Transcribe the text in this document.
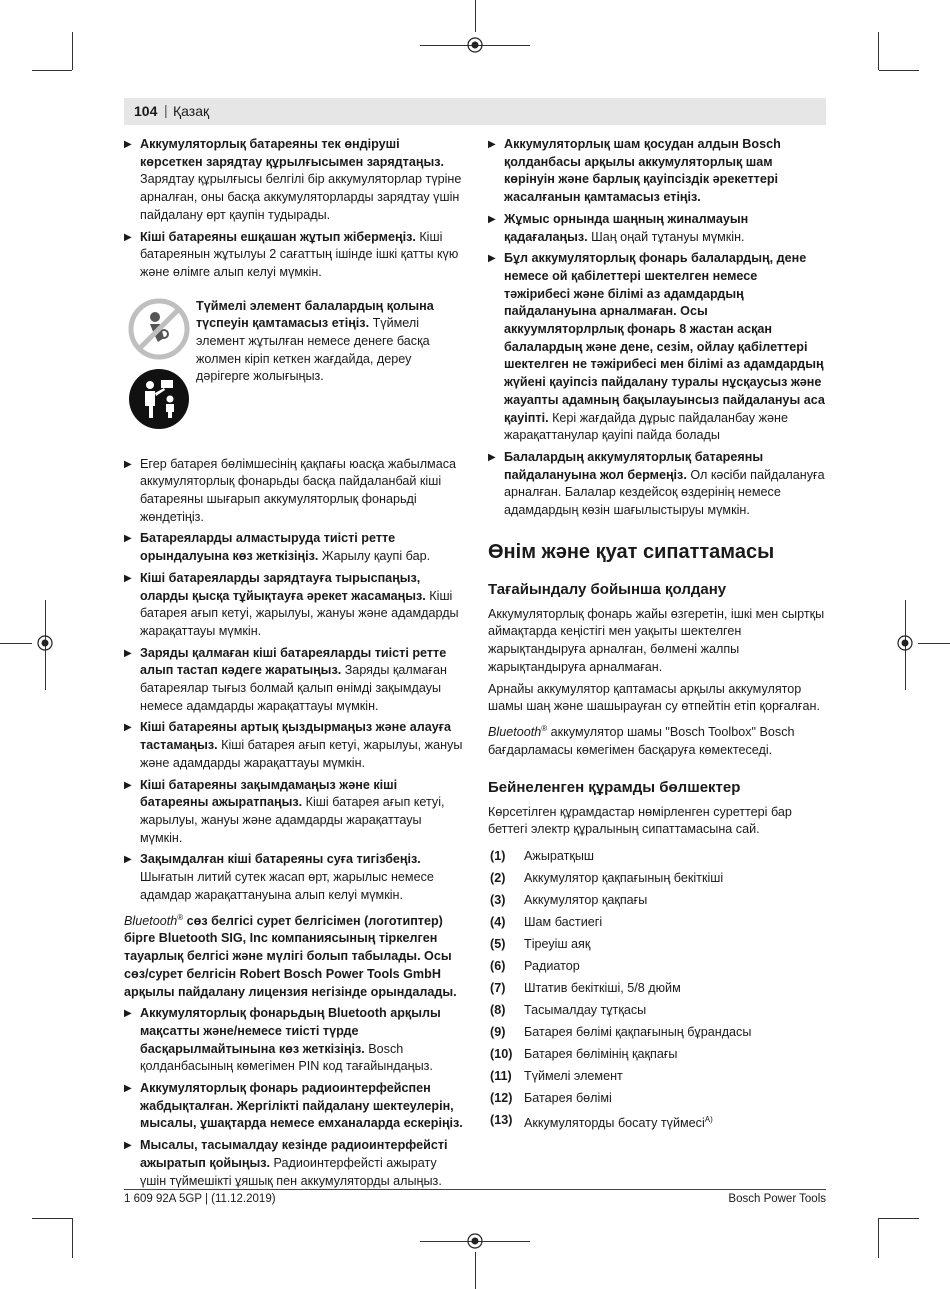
104 | Қазақ
▶ Аккумуляторлық батареяны тек өндіруші көрсеткен зарядтау құрылғысымен зарядтаңыз. Зарядтау құрылғысы белгілі бір аккумуляторлар түріне арналған, оны басқа аккумуляторларды зарядтау үшін пайдалану өрт қаупін тудырады.
▶ Кіші батареяны ешқашан жұтып жібермеңіз. Кіші батареянын жұтылуы 2 сағаттың ішінде ішкі қатты күю және өлімге алып келуі мүмкін.
Түймелі элемент балалардың қолына түспеуін қамтамасыз етіңіз. Түймелі элемент жұтылған немесе денеге басқа жолмен кіріп кеткен жағдайда, дереу дәрігерге жолығыңыз.
▶ Егер батарея бөлімшесінің қақпағы юасқа жабылмаса аккумуляторлық фонарьды басқа пайдаланбай кіші батареяны шығарып аккумуляторлық фонарьді жөндетіңіз.
▶ Батареяларды алмастыруда тиісті ретте орындалуына көз жеткізіңіз. Жарылу қаупі бар.
▶ Кіші батареяларды зарядтауға тырыспаңыз, оларды қысқа тұйықтауға әрекет жасамаңыз. Кіші батарея ағып кетуі, жарылуы, жануы және адамдарды жарақаттауы мүмкін.
▶ Заряды қалмаған кіші батареяларды тиісті ретте алып тастап кәдеге жаратыңыз. Заряды қалмаған батареялар тығыз болмай қалып өнімді зақымдауы немесе адамдарды жарақаттауы мүмкін.
▶ Кіші батареяны артық қыздырмаңыз және алауға тастамаңыз. Кіші батарея ағып кетуі, жарылуы, жануы және адамдарды жарақаттауы мүмкін.
▶ Кіші батареяны зақымдамаңыз және кіші батареяны ажыратпаңыз. Кіші батарея ағып кетуі, жарылуы, жануы және адамдарды жарақаттауы мүмкін.
▶ Зақымдалған кіші батареяны суға тигізбеңіз. Шығатын литий сутек жасап өрт, жарылыс немесе адамдар жарақаттануына алып келуі мүмкін.

Bluetooth® сөз белгісі сурет белгісімен (логотиптер) бірге Bluetooth SIG, Inc компаниясының тіркелген тауарлық белгісі және мүлігі болып табылады. Осы сөз/сурет белгісін Robert Bosch Power Tools GmbH арқылы пайдалану лицензия негізінде орындалады.

▶ Аккумуляторлық фонарьдың Bluetooth арқылы мақсатты және/немесе тиісті түрде басқарылмайтынына көз жеткізіңіз. Bosch қолданбасының көмегімен PIN код тағайындаңыз.
▶ Аккумуляторлық фонарь радиоинтерфейспен жабдықталған. Жергілікті пайдалану шектеулерін, мысалы, ұшақтарда немесе емханаларда ескеріңіз.
▶ Мысалы, тасымалдау кезінде радиоинтерфейсті ажыратып қойыңыз. Радиоинтерфейсті ажырату үшін түймешікті ұяшық пен аккумуляторды алыңыз.
▶ Аккумуляторлық шам қосудан алдын Bosch қолданбасы арқылы аккумуляторлық шам көрінуін және барлық қауіпсіздік әрекеттері жасалғанын қамтамасыз етіңіз.
▶ Жұмыс орнында шаңның жиналмауын қадағалаңыз. Шаң оңай тұтануы мүмкін.
▶ Бұл аккумуляторлық фонарь балалардың, дене немесе ой қабілеттері шектелген немесе тәжірибесі және білімі аз адамдардың пайдалануына арналмаған. Осы аккуумляторлрлық фонарь 8 жастан асқан балалардың және дене, сезім, ойлау қабілеттері шектелген не тәжірибесі мен білімі аз адамдардың жүйені қауіпсіз пайдалану туралы нұсқаусыз және жауапты адамның бақылауынсыз пайдалануы аса қауіпті. Кері жағдайда дұрыс пайдаланбау және жарақаттанулар қауіпі пайда болады
▶ Балалардың аккумуляторлық батареяны пайдалануына жол бермеңіз. Ол кәсіби пайдалануға арналған. Балалар кездейсоқ өздерінің немесе адамдардың көзін шағылыстыруы мүмкін.
Өнім және қуат сипаттамасы
Тағайындалу бойынша қолдану

Аккумуляторлық фонарь жайы өзгеретін, ішкі мен сыртқы аймақтарда кеңістігі мен уақыты шектелген жарықтандыруға арналған, бөлмені жалпы жарықтандыруға арналмаған.

Арнайы аккумулятор қаптамасы арқылы аккумулятор шамы шаң және шашырауған су өтпейтін етіп қорғалған.

Bluetooth® аккумулятор шамы "Bosch Toolbox" Bosch бағдарламасы көмегімен басқаруға көмектеседі.

Бейнеленген құрамды бөлшектер

Көрсетілген құрамдастар нөмірленген суреттері бар беттегі электр құралының сипаттамасына сай.

(1) Ажыратқыш
(2) Аккумулятор қақпағының бекіткіші
(3) Аккумулятор қақпағы
(4) Шам бастиегі
(5) Тіреуіш аяқ
(6) Радиатор
(7) Штатив бекіткіші, 5/8 дюйм
(8) Тасымалдау тұтқасы
(9) Батарея бөлімі қақпағының бұрандасы
(10) Батарея бөлімінің қақпағы
(11) Түймелі элемент
(12) Батарея бөлімі
(13) Аккумуляторды босату түймесі$^{A)}$
1 609 92A 5GP | (11.12.2019)	Bosch Power Tools
